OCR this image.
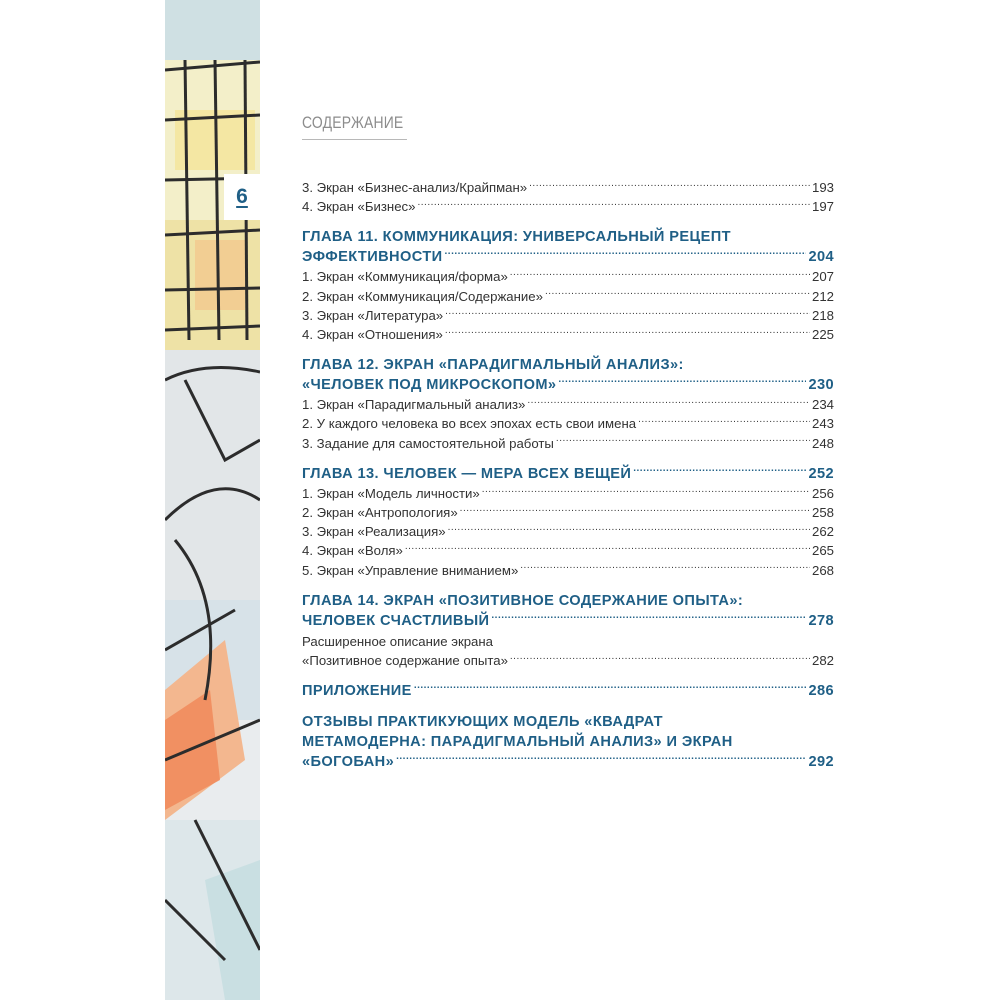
6
СОДЕРЖАНИЕ
3. Экран «Бизнес-анализ/Крайпман» .....	193
4. Экран «Бизнес» .....	197
ГЛАВА 11. КОММУНИКАЦИЯ: УНИВЕРСАЛЬНЫЙ РЕЦЕПТ
ЭФФЕКТИВНОСТИ .....	204
1. Экран «Коммуникация/форма» .....	207
2. Экран «Коммуникация/Содержание» .....	212
3. Экран «Литература» .....	218
4. Экран «Отношения» .....	225
ГЛАВА 12. ЭКРАН «ПАРАДИГМАЛЬНЫЙ АНАЛИЗ»:
«ЧЕЛОВЕК ПОД МИКРОСКОПОМ» .....	230
1. Экран «Парадигмальный анализ» .....	234
2. У каждого человека во всех эпохах есть свои имена .....	243
3. Задание для самостоятельной работы .....	248
ГЛАВА 13. ЧЕЛОВЕК — МЕРА ВСЕХ ВЕЩЕЙ .....	252
1. Экран «Модель личности» .....	256
2. Экран «Антропология» .....	258
3. Экран «Реализация» .....	262
4. Экран «Воля» .....	265
5. Экран «Управление вниманием» .....	268
ГЛАВА 14. ЭКРАН «ПОЗИТИВНОЕ СОДЕРЖАНИЕ ОПЫТА»:
ЧЕЛОВЕК СЧАСТЛИВЫЙ .....	278
Расширенное описание экрана
«Позитивное содержание опыта» .....	282
ПРИЛОЖЕНИЕ .....	286
ОТЗЫВЫ ПРАКТИКУЮЩИХ МОДЕЛЬ «КВАДРАТ
МЕТАМОДЕРНА: ПАРАДИГМАЛЬНЫЙ АНАЛИЗ» И ЭКРАН
«БОГОБАН» .....	292
